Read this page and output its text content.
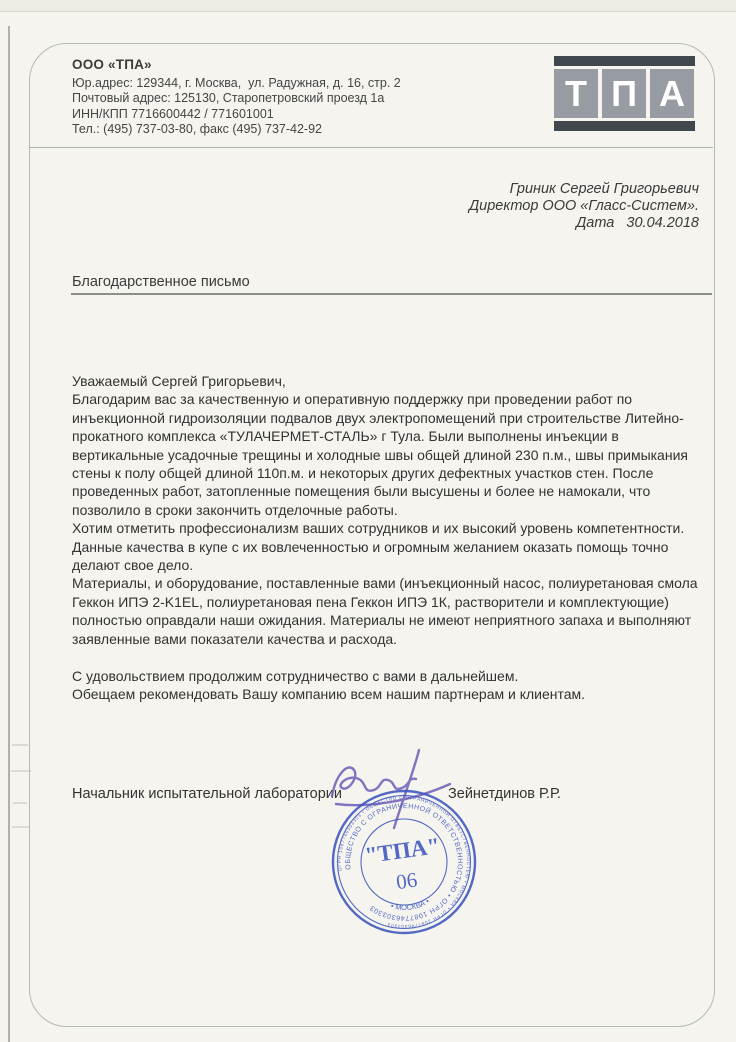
ООО «ТПА»
Юр.адрес: 129344, г. Москва,  ул. Радужная, д. 16, стр. 2
Почтовый адрес: 125130, Старопетровский проезд 1а
ИНН/КПП 7716600442 / 771601001
Тел.: (495) 737-03-80, факс (495) 737-42-92
Т П А
Гриник Сергей Григорьевич
Директор ООО «Гласс-Систем».
Дата   30.04.2018
Благодарственное письмо
Уважаемый Сергей Григорьевич,
Благодарим вас за качественную и оперативную поддержку при проведении работ по
инъекционной гидроизоляции подвалов двух электропомещений при строительстве Литейно-
прокатного комплекса «ТУЛАЧЕРМЕТ-СТАЛЬ» г Тула. Были выполнены инъекции в
вертикальные усадочные трещины и холодные швы общей длиной 230 п.м., швы примыкания
стены к полу общей длиной 110п.м. и некоторых других дефектных участков стен. После
проведенных работ, затопленные помещения были высушены и более не намокали, что
позволило в сроки закончить отделочные работы.
Хотим отметить профессионализм ваших сотрудников и их высокий уровень компетентности.
Данные качества в купе с их вовлеченностью и огромным желанием оказать помощь точно
делают свое дело.
Материалы, и оборудование, поставленные вами (инъекционный насос, полиуретановая смола
Геккон ИПЭ 2-K1EL, полиуретановая пена Геккон ИПЭ 1К, растворители и комплектующие)
полностью оправдали наши ожидания. Материалы не имеют неприятного запаха и выполняют
заявленные вами показатели качества и расхода.
С удовольствием продолжим сотрудничество с вами в дальнейшем.
Обещаем рекомендовать Вашу компанию всем нашим партнерам и клиентам.
Начальник испытательной лаборатории	Зейнетдинов Р.Р.
ОГРН 1087746303303 • ОБЩЕСТВО С ОГРАНИЧЕННОЙ ОТВЕТСТВЕННОСТЬЮ • МОСКВА • ОГРН 1087746303303
ОБЩЕСТВО С ОГРАНИЧЕННОЙ ОТВЕТСТВЕННОСТЬЮ • ОГРН 1087746303303	• МОСКВА •
"ТПА"
06
